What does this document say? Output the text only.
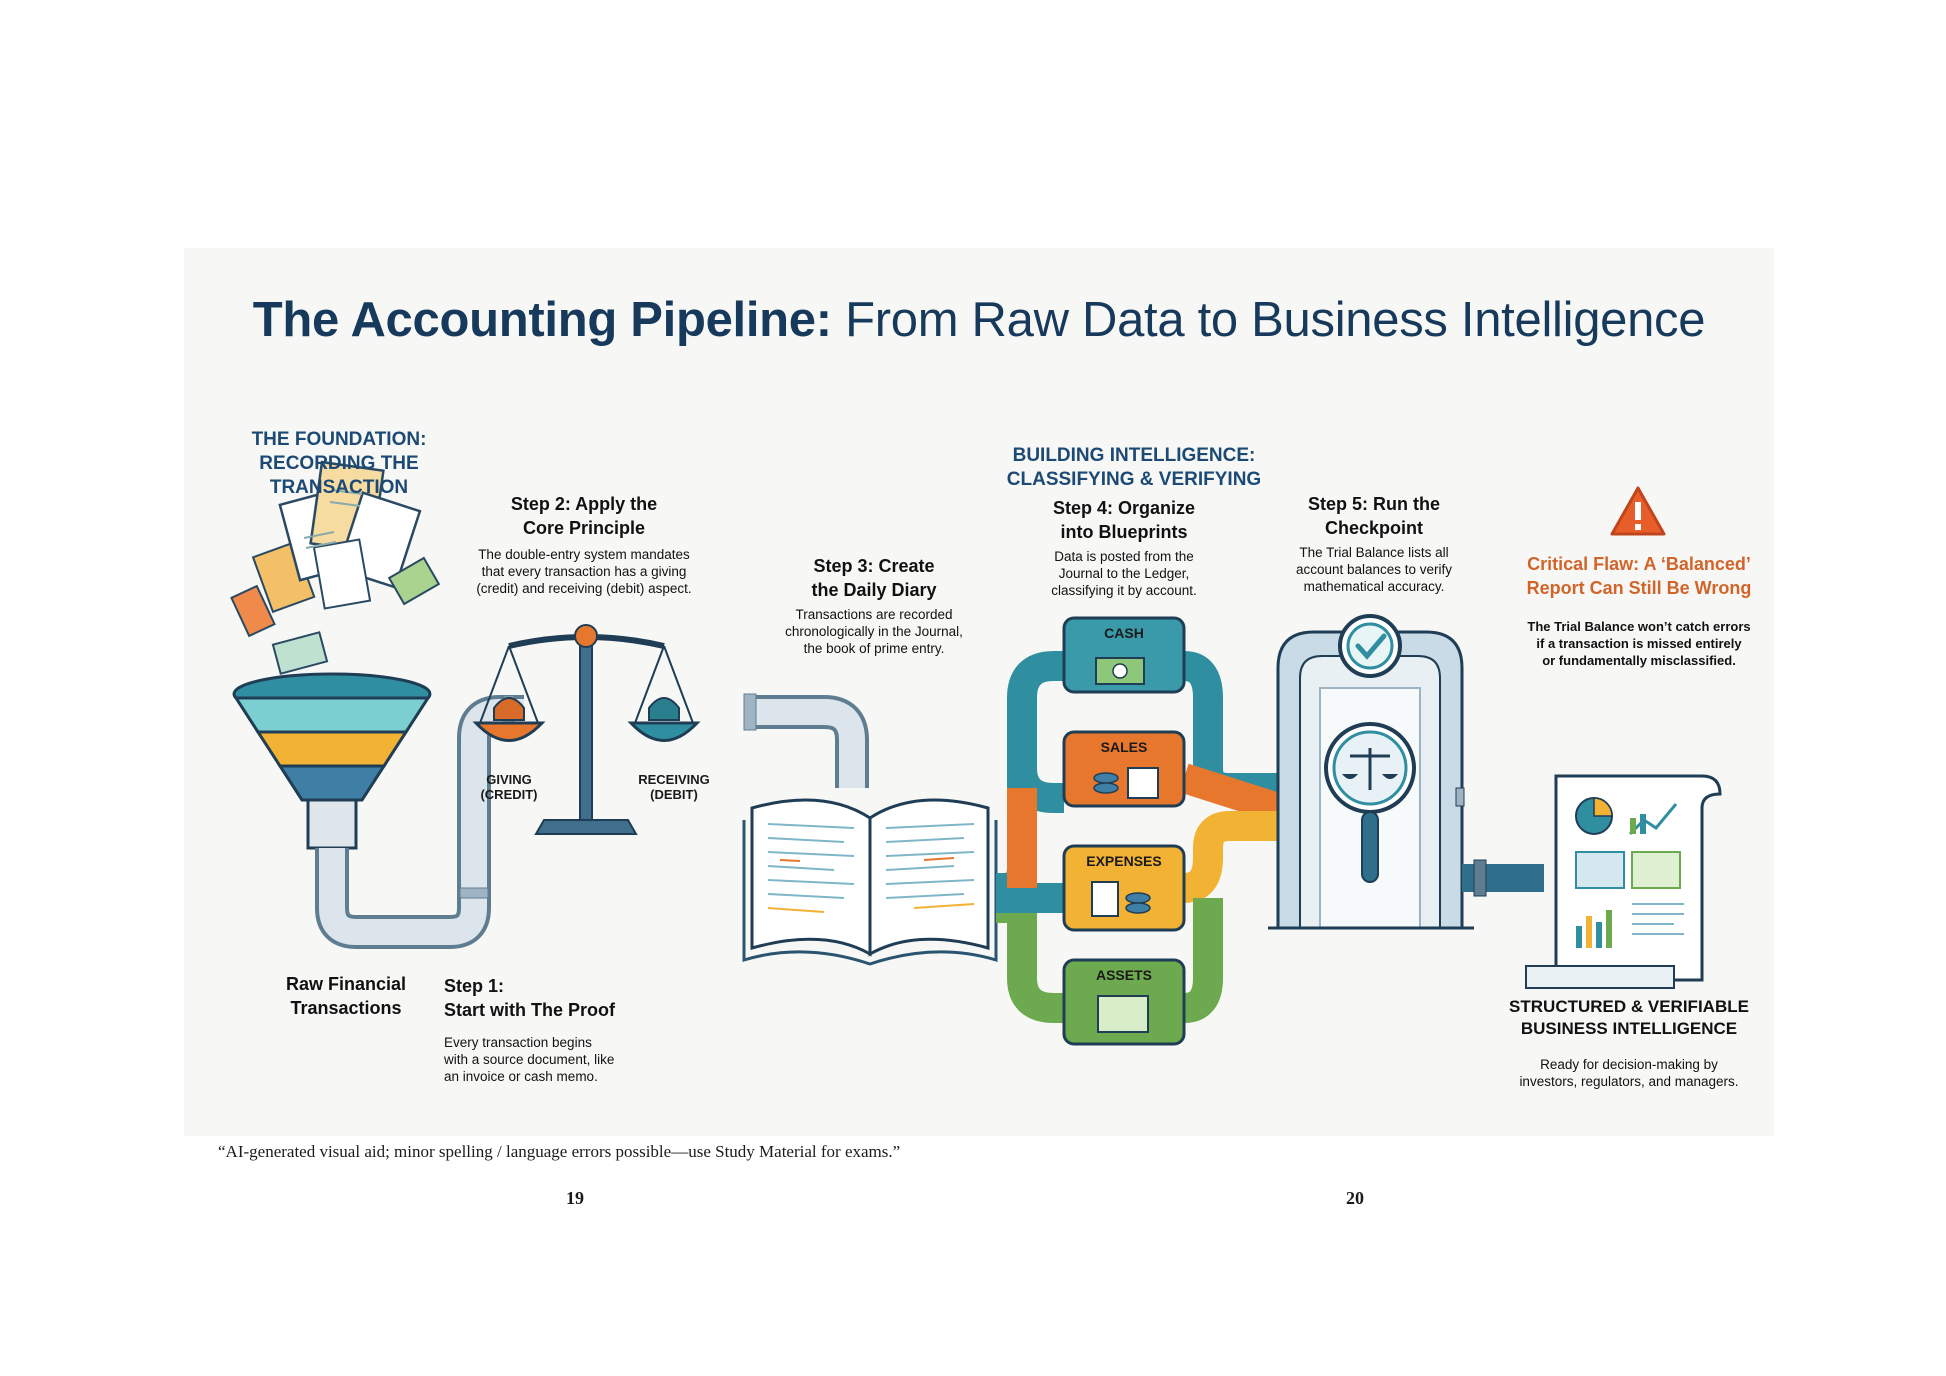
The Accounting Pipeline: From Raw Data to Business Intelligence
CASH
SALES
EXPENSES
ASSETS
THE FOUNDATION:
RECORDING THE
TRANSACTION
BUILDING INTELLIGENCE:
CLASSIFYING & VERIFYING
Raw Financial
Transactions
Step 1:
Start with The Proof
Every transaction begins
with a source document, like
an invoice or cash memo.
Step 2: Apply the
Core Principle
The double-entry system mandates
that every transaction has a giving
(credit) and receiving (debit) aspect.
GIVING
(CREDIT)
RECEIVING
(DEBIT)
Step 3: Create
the Daily Diary
Transactions are recorded
chronologically in the Journal,
the book of prime entry.
Step 4: Organize
into Blueprints
Data is posted from the
Journal to the Ledger,
classifying it by account.
Step 5: Run the
Checkpoint
The Trial Balance lists all
account balances to verify
mathematical accuracy.
Critical Flaw: A ‘Balanced’
Report Can Still Be Wrong
The Trial Balance won’t catch errors
if a transaction is missed entirely
or fundamentally misclassified.
STRUCTURED & VERIFIABLE
BUSINESS INTELLIGENCE
Ready for decision-making by
investors, regulators, and managers.
“AI-generated visual aid; minor spelling / language errors possible—use Study Material for exams.”
19	20
